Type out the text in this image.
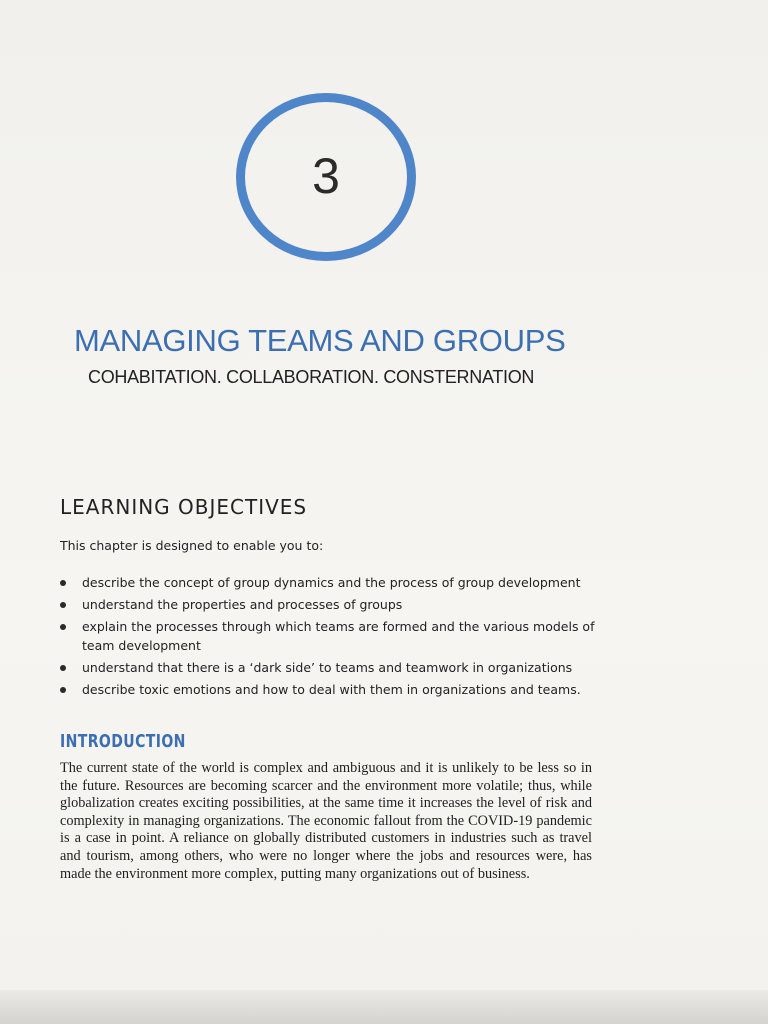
3
MANAGING TEAMS AND GROUPS
COHABITATION. COLLABORATION. CONSTERNATION
LEARNING OBJECTIVES
This chapter is designed to enable you to:
describe the concept of group dynamics and the process of group development
understand the properties and processes of groups
explain the processes through which teams are formed and the various models of team development
understand that there is a ‘dark side’ to teams and teamwork in organizations
describe toxic emotions and how to deal with them in organizations and teams.
INTRODUCTION

The current state of the world is complex and ambiguous and it is unlikely to be less so in the future. Resources are becoming scarcer and the environment more volatile; thus, while globalization creates exciting possibilities, at the same time it increases the level of risk and complexity in managing organizations. The economic fallout from the COVID-19 pandemic is a case in point. A reliance on globally distributed customers in industries such as travel and tourism, among others, who were no longer where the jobs and resources were, has made the environment more complex, putting many organizations out of business.
